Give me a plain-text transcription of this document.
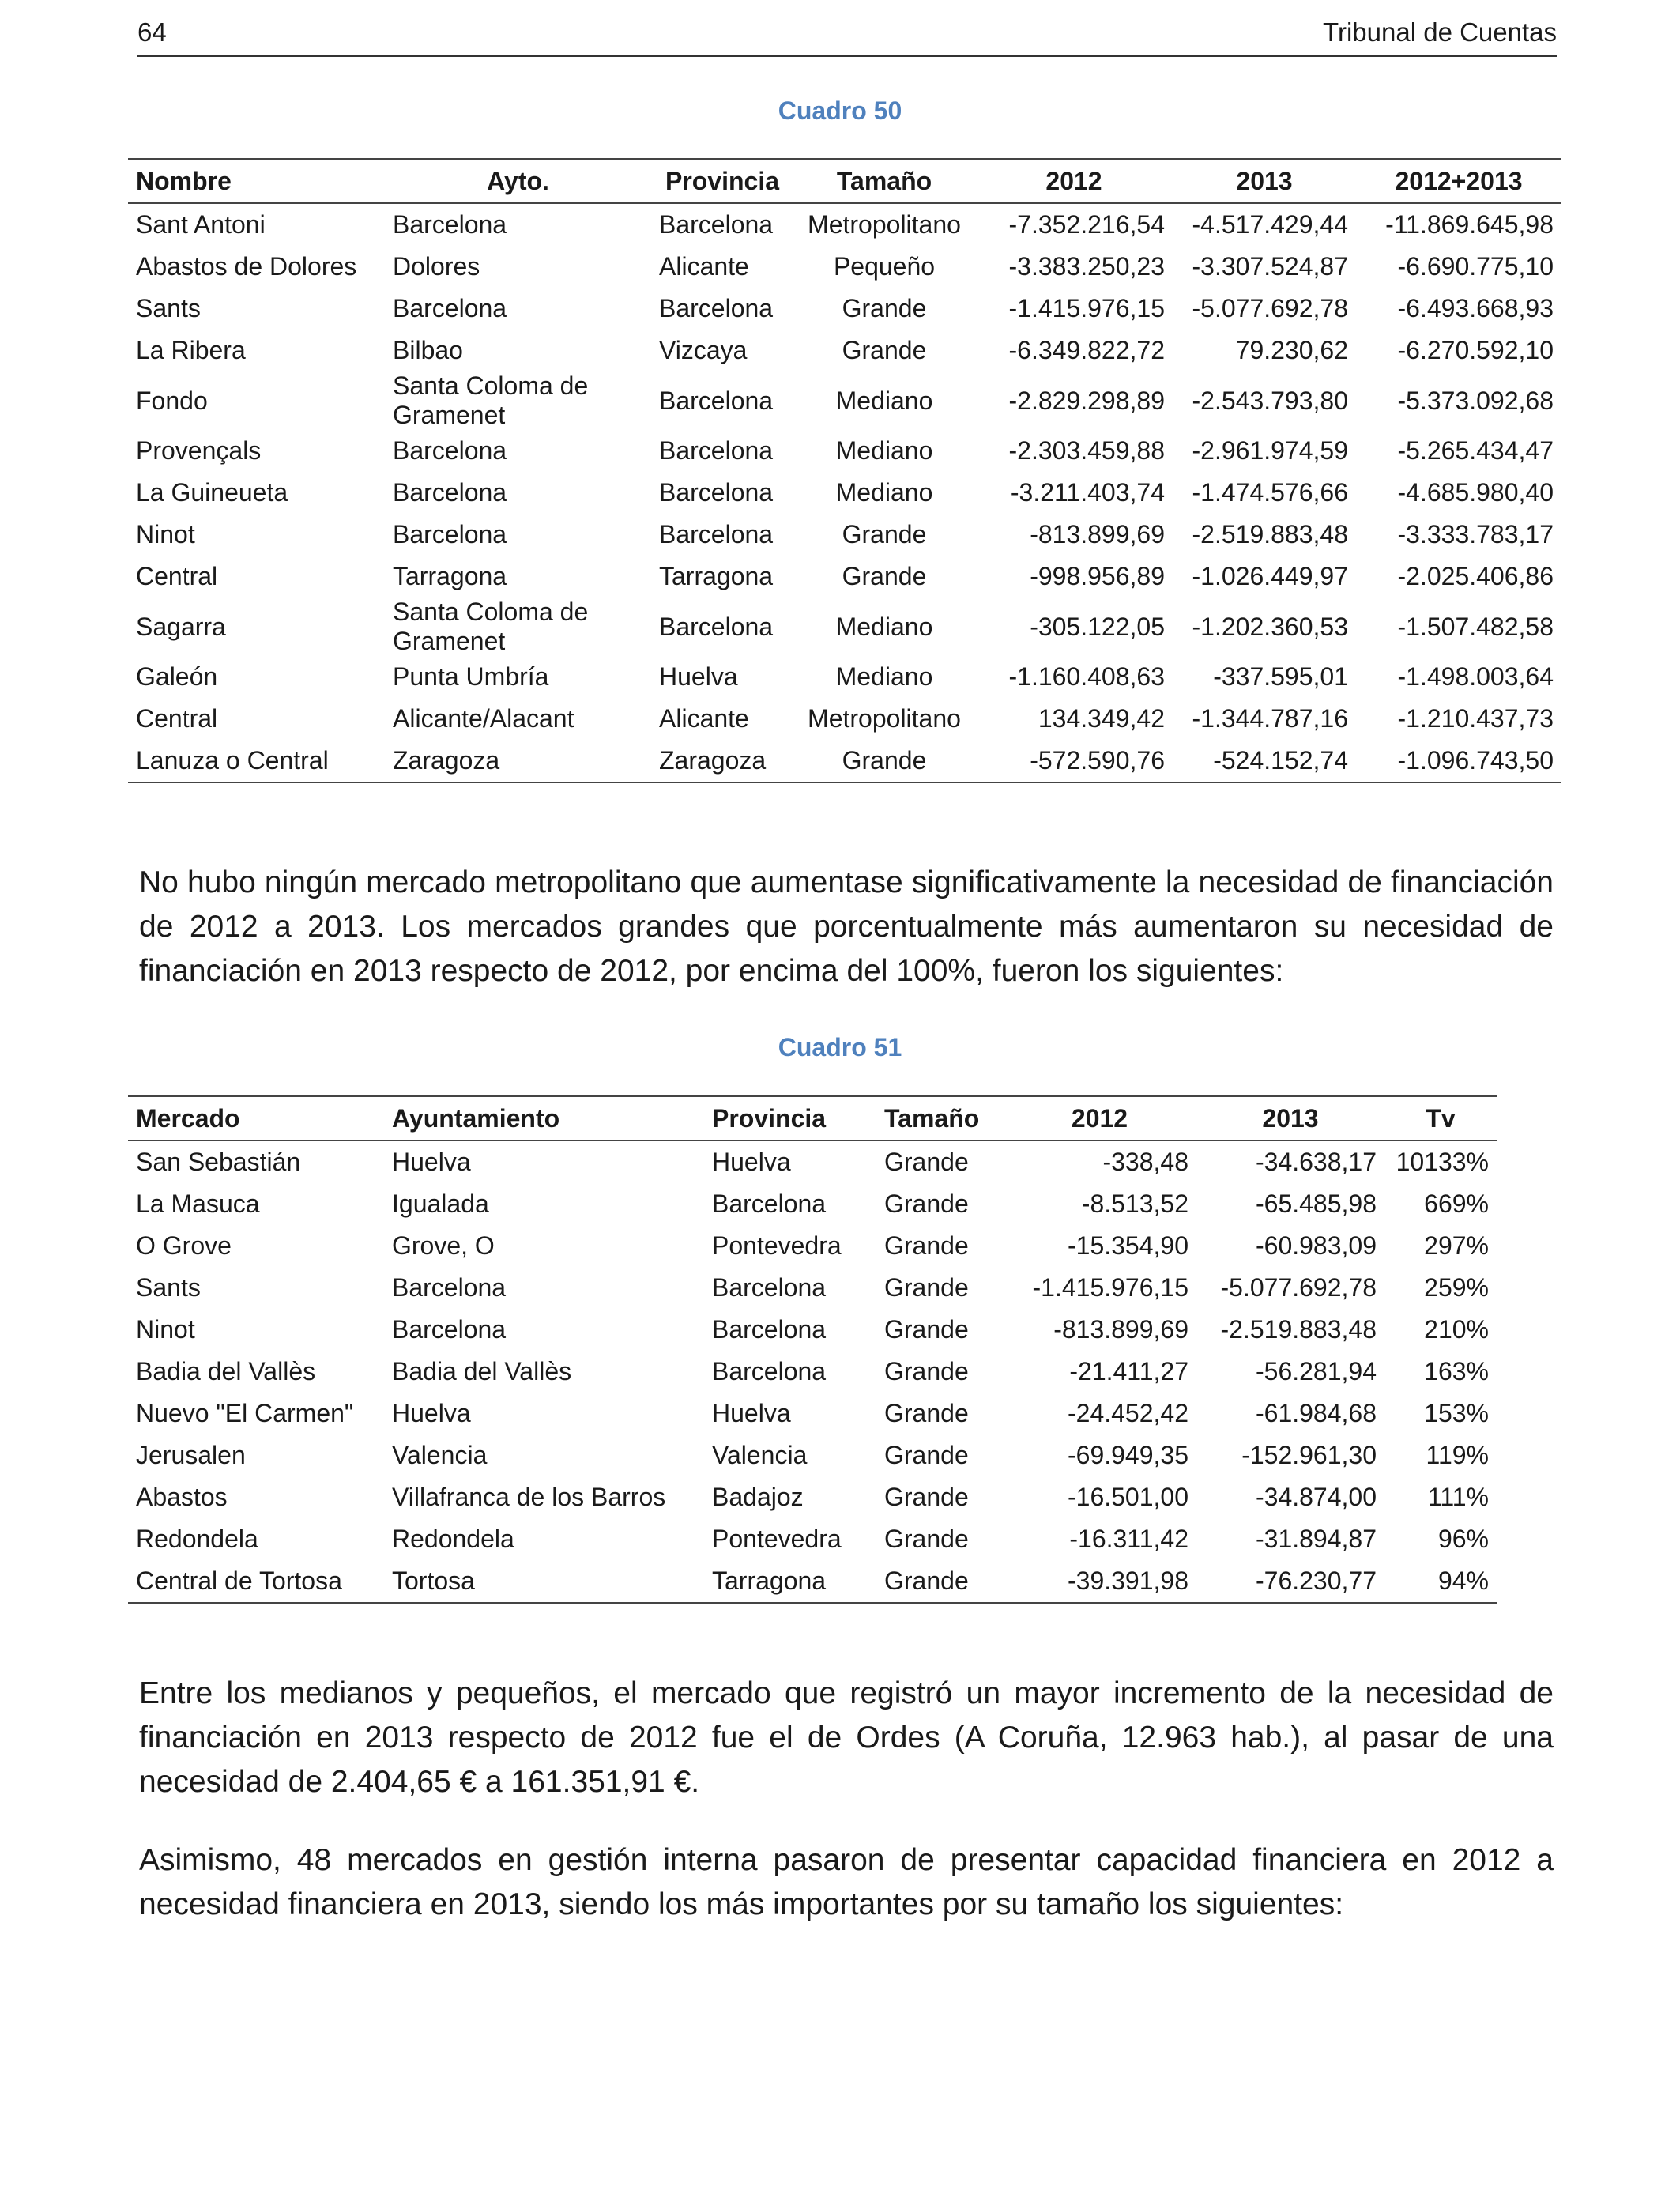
64	Tribunal de Cuentas
Cuadro 50
Nombre	Ayto.	Provincia	Tamaño	2012	2013	2012+2013
Sant Antoni	Barcelona	Barcelona	Metropolitano	-7.352.216,54	-4.517.429,44	-11.869.645,98
Abastos de Dolores	Dolores	Alicante	Pequeño	-3.383.250,23	-3.307.524,87	-6.690.775,10
Sants	Barcelona	Barcelona	Grande	-1.415.976,15	-5.077.692,78	-6.493.668,93
La Ribera	Bilbao	Vizcaya	Grande	-6.349.822,72	79.230,62	-6.270.592,10
Fondo	Santa Coloma de Gramenet	Barcelona	Mediano	-2.829.298,89	-2.543.793,80	-5.373.092,68
Provençals	Barcelona	Barcelona	Mediano	-2.303.459,88	-2.961.974,59	-5.265.434,47
La Guineueta	Barcelona	Barcelona	Mediano	-3.211.403,74	-1.474.576,66	-4.685.980,40
Ninot	Barcelona	Barcelona	Grande	-813.899,69	-2.519.883,48	-3.333.783,17
Central	Tarragona	Tarragona	Grande	-998.956,89	-1.026.449,97	-2.025.406,86
Sagarra	Santa Coloma de Gramenet	Barcelona	Mediano	-305.122,05	-1.202.360,53	-1.507.482,58
Galeón	Punta Umbría	Huelva	Mediano	-1.160.408,63	-337.595,01	-1.498.003,64
Central	Alicante/Alacant	Alicante	Metropolitano	134.349,42	-1.344.787,16	-1.210.437,73
Lanuza o Central	Zaragoza	Zaragoza	Grande	-572.590,76	-524.152,74	-1.096.743,50

No hubo ningún mercado metropolitano que aumentase significativamente la necesidad de financiación de 2012 a 2013. Los mercados grandes que porcentualmente más aumentaron su necesidad de financiación en 2013 respecto de 2012, por encima del 100%, fueron los siguientes:

Cuadro 51
Mercado	Ayuntamiento	Provincia	Tamaño	2012	2013	Tv
San Sebastián	Huelva	Huelva	Grande	-338,48	-34.638,17	10133%
La Masuca	Igualada	Barcelona	Grande	-8.513,52	-65.485,98	669%
O Grove	Grove, O	Pontevedra	Grande	-15.354,90	-60.983,09	297%
Sants	Barcelona	Barcelona	Grande	-1.415.976,15	-5.077.692,78	259%
Ninot	Barcelona	Barcelona	Grande	-813.899,69	-2.519.883,48	210%
Badia del Vallès	Badia del Vallès	Barcelona	Grande	-21.411,27	-56.281,94	163%
Nuevo "El Carmen"	Huelva	Huelva	Grande	-24.452,42	-61.984,68	153%
Jerusalen	Valencia	Valencia	Grande	-69.949,35	-152.961,30	119%
Abastos	Villafranca de los Barros	Badajoz	Grande	-16.501,00	-34.874,00	111%
Redondela	Redondela	Pontevedra	Grande	-16.311,42	-31.894,87	96%
Central de Tortosa	Tortosa	Tarragona	Grande	-39.391,98	-76.230,77	94%

Entre los medianos y pequeños, el mercado que registró un mayor incremento de la necesidad de financiación en 2013 respecto de 2012 fue el de Ordes (A Coruña, 12.963 hab.), al pasar de una necesidad de 2.404,65 € a 161.351,91 €.

Asimismo, 48 mercados en gestión interna pasaron de presentar capacidad financiera en 2012 a necesidad financiera en 2013, siendo los más importantes por su tamaño los siguientes:
